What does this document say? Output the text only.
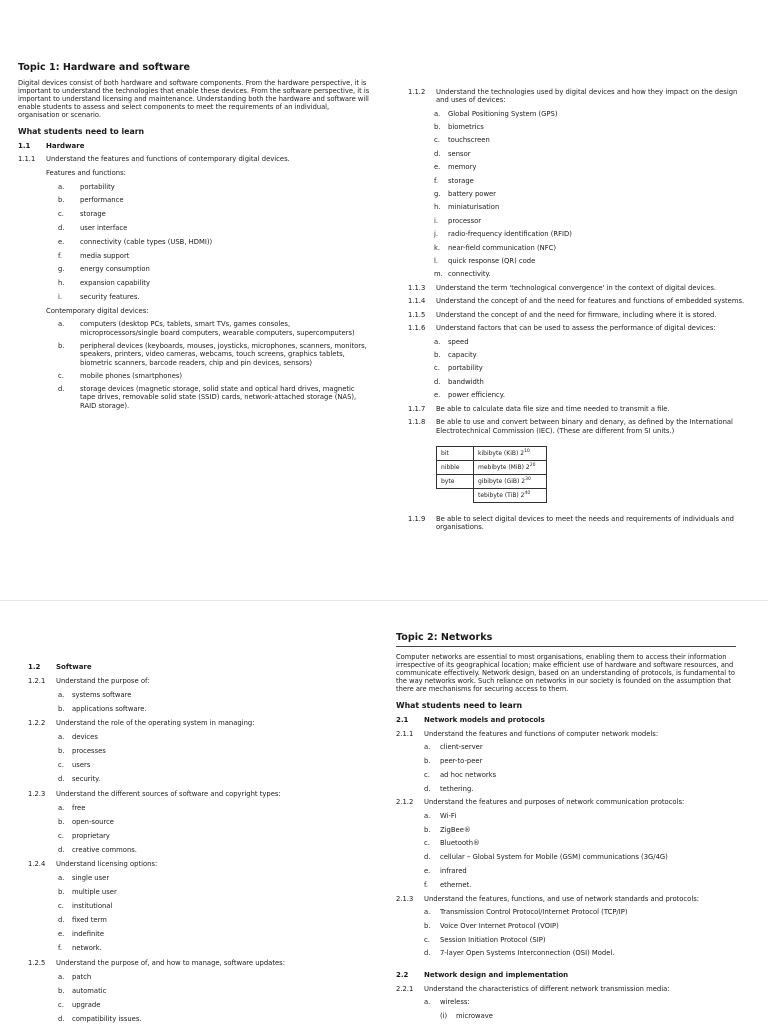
Topic 1: Hardware and software
Digital devices consist of both hardware and software components. From the hardware perspective, it is important to understand the technologies that enable these devices. From the software perspective, it is important to understand licensing and maintenance. Understanding both the hardware and software will enable students to assess and select components to meet the requirements of an individual, organisation or scenario.
What students need to learn
1.1	Hardware
1.1.1	Understand the features and functions of contemporary digital devices.
Features and functions:
a.	portability
b.	performance
c.	storage
d.	user interface
e.	connectivity (cable types (USB, HDMI))
f.	media support
g.	energy consumption
h.	expansion capability
i.	security features.
Contemporary digital devices:
a.	computers (desktop PCs, tablets, smart TVs, games consoles, microprocessors/single board computers, wearable computers, supercomputers)
b.	peripheral devices (keyboards, mouses, joysticks, microphones, scanners, monitors, speakers, printers, video cameras, webcams, touch screens, graphics tablets, biometric scanners, barcode readers, chip and pin devices, sensors)
c.	mobile phones (smartphones)
d.	storage devices (magnetic storage, solid state and optical hard drives, magnetic tape drives, removable solid state (SSID) cards, network-attached storage (NAS), RAID storage).
1.1.2	Understand the technologies used by digital devices and how they impact on the design and uses of devices:
a.	Global Positioning System (GPS)
b.	biometrics
c.	touchscreen
d.	sensor
e.	memory
f.	storage
g.	battery power
h.	miniaturisation
i.	processor
j.	radio-frequency identification (RFID)
k.	near-field communication (NFC)
l.	quick response (QR) code
m. connectivity.
1.1.3	Understand the term 'technological convergence' in the context of digital devices.
1.1.4	Understand the concept of and the need for features and functions of embedded systems.
1.1.5	Understand the concept of and the need for firmware, including where it is stored.
1.1.6	Understand factors that can be used to assess the performance of digital devices:
a.	speed
b.	capacity
c.	portability
d.	bandwidth
e.	power efficiency.
1.1.7	Be able to calculate data file size and time needed to transmit a file.
1.1.8	Be able to use and convert between binary and denary, as defined by the International Electrotechnical Commission (IEC). (These are different from SI units.)
bit	kibibyte (KiB) $2^{10}$
nibble	mebibyte (MiB) $2^{20}$
byte	gibibyte (GiB) $2^{30}$
	tebibyte (TiB) $2^{40}$
1.1.9	Be able to select digital devices to meet the needs and requirements of individuals and organisations.
1.2	Software
1.2.1	Understand the purpose of:
a.	systems software
b.	applications software.
1.2.2	Understand the role of the operating system in managing:
a.	devices
b.	processes
c.	users
d.	security.
1.2.3	Understand the different sources of software and copyright types:
a.	free
b.	open-source
c.	proprietary
d.	creative commons.
1.2.4	Understand licensing options:
a.	single user
b.	multiple user
c.	institutional
d.	fixed term
e.	indefinite
f.	network.
1.2.5	Understand the purpose of, and how to manage, software updates:
a.	patch
b.	automatic
c.	upgrade
d.	compatibility issues.
Topic 2: Networks
Computer networks are essential to most organisations, enabling them to access their information irrespective of its geographical location; make efficient use of hardware and software resources, and communicate effectively. Network design, based on an understanding of protocols, is fundamental to the way networks work. Such reliance on networks in our society is founded on the assumption that there are mechanisms for securing access to them.
What students need to learn
2.1	Network models and protocols
2.1.1	Understand the features and functions of computer network models:
a.	client-server
b.	peer-to-peer
c.	ad hoc networks
d.	tethering.
2.1.2	Understand the features and purposes of network communication protocols:
a.	Wi-Fi
b.	ZigBee®
c.	Bluetooth®
d.	cellular – Global System for Mobile (GSM) communications (3G/4G)
e.	infrared
f.	ethernet.
2.1.3	Understand the features, functions, and use of network standards and protocols:
a.	Transmission Control Protocol/Internet Protocol (TCP/IP)
b.	Voice Over Internet Protocol (VOIP)
c.	Session Initiation Protocol (SIP)
d.	7-layer Open Systems Interconnection (OSI) Model.
2.2	Network design and implementation
2.2.1	Understand the characteristics of different network transmission media:
a.	wireless:
(i)	microwave
